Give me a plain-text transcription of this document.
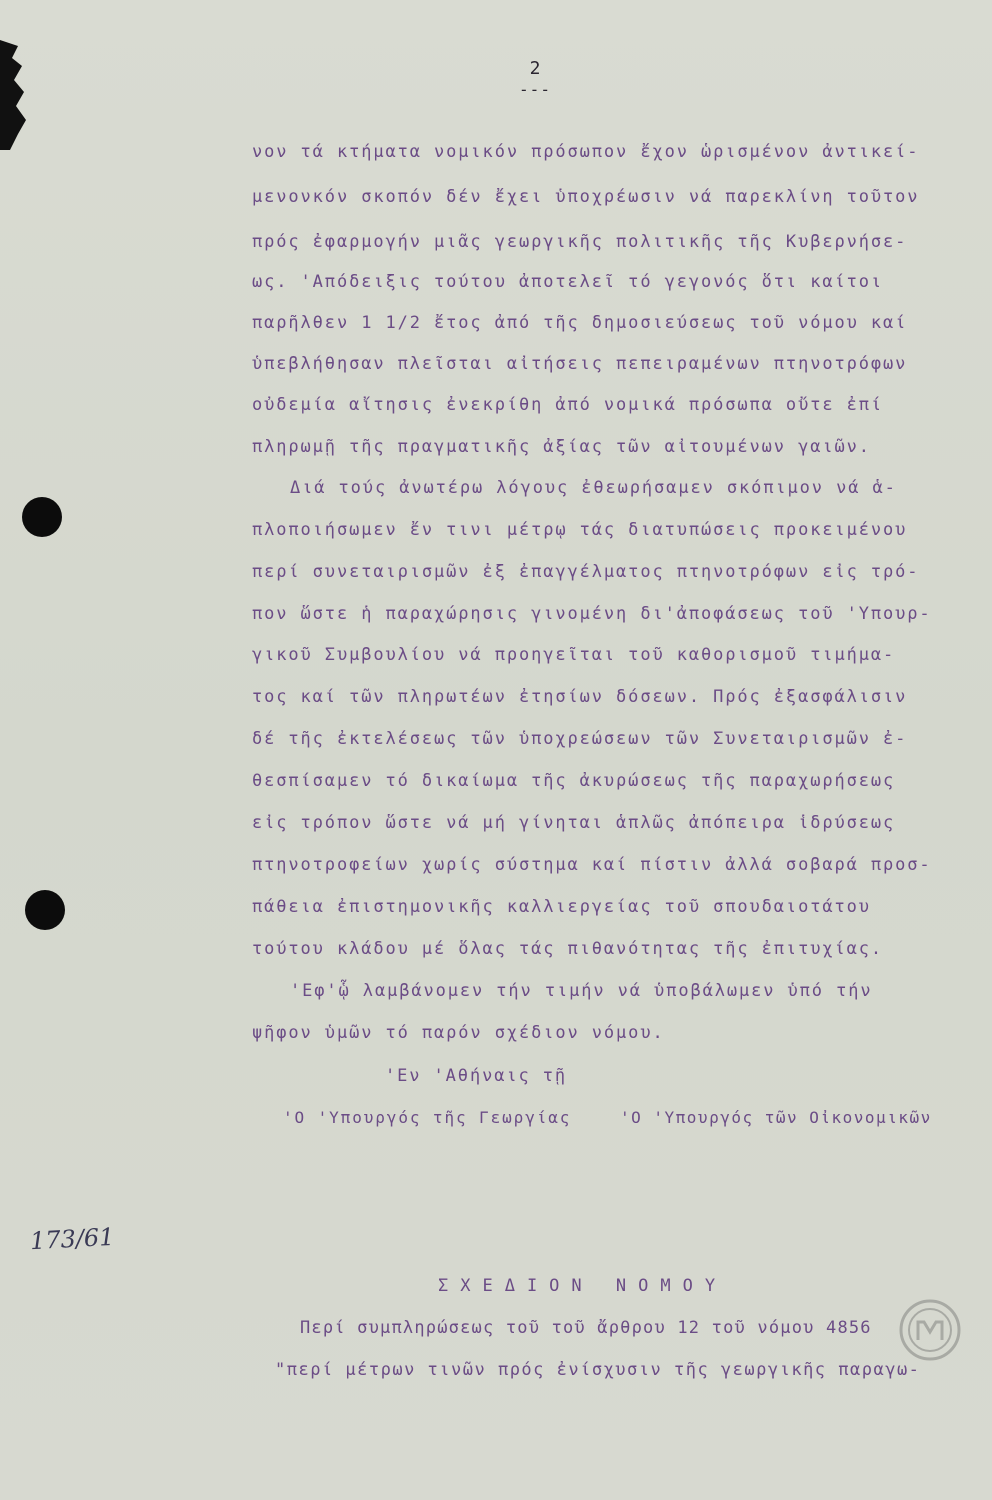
2
---
νον τά κτήματα νομικόν πρόσωπον ἔχον ὡρισμένον ἀντικεί-
μενονκόν σκοπόν δέν ἔχει ὑποχρέωσιν νά παρεκλίνη τοῦτον
πρός ἐφαρμογήν μιᾶς γεωργικῆς πολιτικῆς τῆς Κυβερνήσε-
ως. 'Απόδειξις τούτου ἀποτελεῖ τό γεγονός ὅτι καίτοι
παρῆλθεν 1 1/2 ἔτος ἀπό τῆς δημοσιεύσεως τοῦ νόμου καί
ὑπεβλήθησαν πλεῖσται αἰτήσεις πεπειραμένων πτηνοτρόφων
οὐδεμία αἴτησις ἐνεκρίθη ἀπό νομικά πρόσωπα οὔτε ἐπί
πληρωμῇ τῆς πραγματικῆς ἀξίας τῶν αἰτουμένων γαιῶν.
Διά τούς ἀνωτέρω λόγους ἐθεωρήσαμεν σκόπιμον νά ἁ-
πλοποιήσωμεν ἔν τινι μέτρῳ τάς διατυπώσεις προκειμένου
περί συνεταιρισμῶν ἐξ ἐπαγγέλματος πτηνοτρόφων εἰς τρό-
πον ὥστε ἡ παραχώρησις γινομένη δι'ἀποφάσεως τοῦ 'Υπουρ-
γικοῦ Συμβουλίου νά προηγεῖται τοῦ καθορισμοῦ τιμήμα-
τος καί τῶν πληρωτέων ἐτησίων δόσεων. Πρός ἐξασφάλισιν
δέ τῆς ἐκτελέσεως τῶν ὑποχρεώσεων τῶν Συνεταιρισμῶν ἐ-
θεσπίσαμεν τό δικαίωμα τῆς ἀκυρώσεως τῆς παραχωρήσεως
εἰς τρόπον ὥστε νά μή γίνηται ἁπλῶς ἀπόπειρα ἱδρύσεως
πτηνοτροφείων χωρίς σύστημα καί πίστιν ἀλλά σοβαρά προσ-
πάθεια ἐπιστημονικῆς καλλιεργείας τοῦ σπουδαιοτάτου
τούτου κλάδου μέ ὅλας τάς πιθανότητας τῆς ἐπιτυχίας.
'Εφ'ᾧ λαμβάνομεν τήν τιμήν νά ὑποβάλωμεν ὑπό τήν
ψῆφον ὑμῶν τό παρόν σχέδιον νόμου.
'Εν 'Αθήναις τῇ
'Ο 'Υπουργός τῆς Γεωργίας	'Ο 'Υπουργός τῶν Οἰκονομικῶν
173/61
ΣΧΕΔΙΟΝ ΝΟΜΟΥ
Περί συμπληρώσεως τοῦ τοῦ ἄρθρου 12 τοῦ νόμου 4856
"περί μέτρων τινῶν πρός ἐνίσχυσιν τῆς γεωργικῆς παραγω-
